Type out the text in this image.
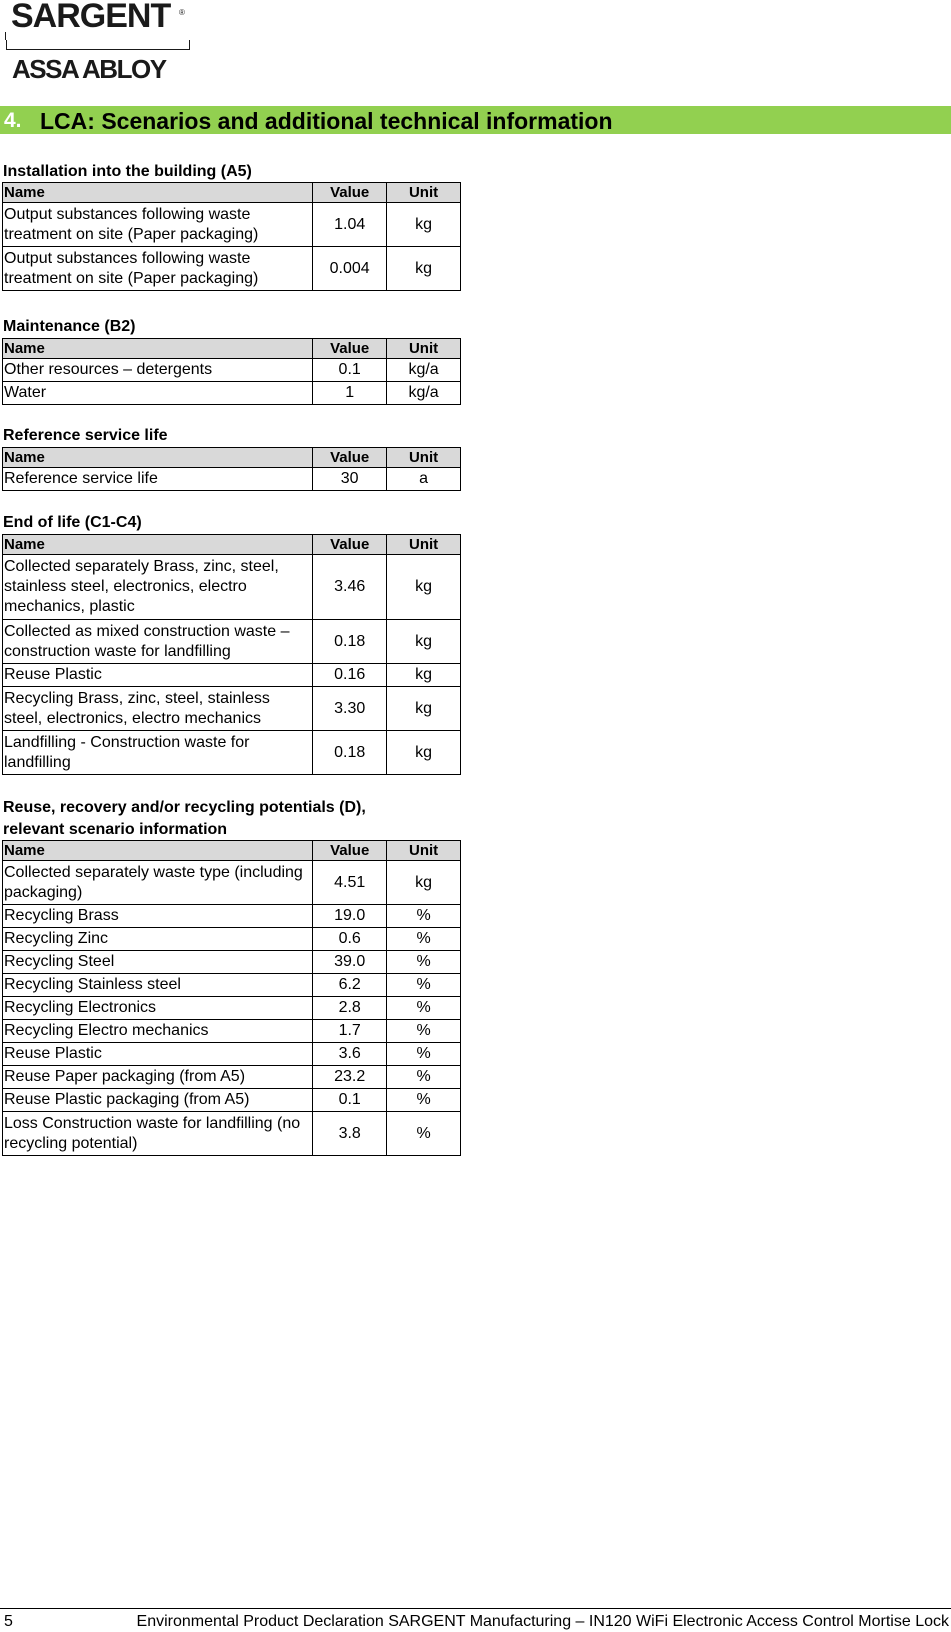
SARGENT ®
ASSA ABLOY
4. LCA: Scenarios and additional technical information
Installation into the building (A5)
Name	Value	Unit
Output substances following waste treatment on site (Paper packaging)	1.04	kg
Output substances following waste treatment on site (Paper packaging)	0.004	kg
Maintenance (B2)
Name	Value	Unit
Other resources – detergents	0.1	kg/a
Water	1	kg/a
Reference service life
Name	Value	Unit
Reference service life	30	a
End of life (C1-C4)
Name	Value	Unit
Collected separately Brass, zinc, steel, stainless steel, electronics, electro mechanics, plastic	3.46	kg
Collected as mixed construction waste – construction waste for landfilling	0.18	kg
Reuse Plastic	0.16	kg
Recycling Brass, zinc, steel, stainless steel, electronics, electro mechanics	3.30	kg
Landfilling - Construction waste for landfilling	0.18	kg
Reuse, recovery and/or recycling potentials (D),
relevant scenario information
Name	Value	Unit
Collected separately waste type (including packaging)	4.51	kg
Recycling Brass	19.0	%
Recycling Zinc	0.6	%
Recycling Steel	39.0	%
Recycling Stainless steel	6.2	%
Recycling Electronics	2.8	%
Recycling Electro mechanics	1.7	%
Reuse Plastic	3.6	%
Reuse Paper packaging (from A5)	23.2	%
Reuse Plastic packaging (from A5)	0.1	%
Loss Construction waste for landfilling (no recycling potential)	3.8	%
5	Environmental Product Declaration SARGENT Manufacturing – IN120 WiFi Electronic Access Control Mortise Lock
